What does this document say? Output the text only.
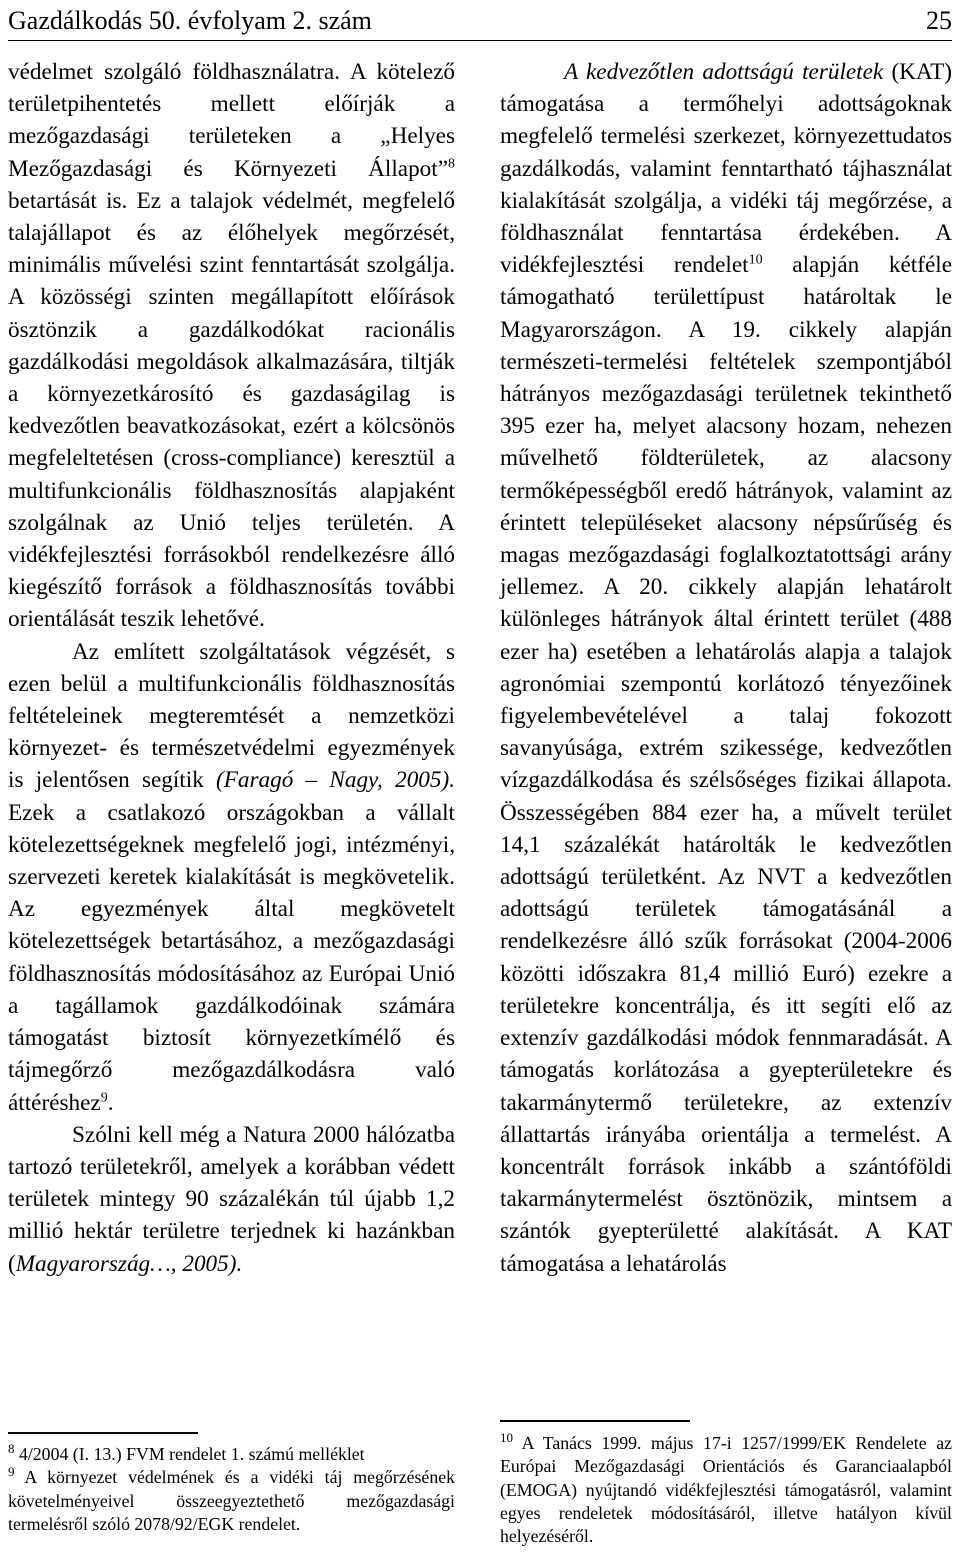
Gazdálkodás 50. évfolyam 2. szám	25

védelmet szolgáló földhasználatra. A kötelező területpihentetés mellett előírják a mezőgazdasági területeken a „Helyes Mezőgazdasági és Környezeti Állapot”$^8$ betartását is. Ez a talajok védelmét, megfelelő talajállapot és az élőhelyek megőrzését, minimális művelési szint fenntartását szolgálja. A közösségi szinten megállapított előírások ösztönzik a gazdálkodókat racionális gazdálkodási megoldások alkalmazására, tiltják a környezetkárosító és gazdaságilag is kedvezőtlen beavatkozásokat, ezért a kölcsönös megfeleltetésen (cross-compliance) keresztül a multifunkcionális földhasznosítás alapjaként szolgálnak az Unió teljes területén. A vidékfejlesztési forrásokból rendelkezésre álló kiegészítő források a földhasznosítás további orientálását teszik lehetővé.

Az említett szolgáltatások végzését, s ezen belül a multifunkcionális földhasznosítás feltételeinek megteremtését a nemzetközi környezet- és természetvédelmi egyezmények is jelentősen segítik (Faragó – Nagy, 2005). Ezek a csatlakozó országokban a vállalt kötelezettségeknek megfelelő jogi, intézményi, szervezeti keretek kialakítását is megkövetelik. Az egyezmények által megkövetelt kötelezettségek betartásához, a mezőgazdasági földhasznosítás módosításához az Európai Unió a tagállamok gazdálkodóinak számára támogatást biztosít környezetkímélő és tájmegőrző mezőgazdálkodásra való áttéréshez$^9$.

Szólni kell még a Natura 2000 hálózatba tartozó területekről, amelyek a korábban védett területek mintegy 90 százalékán túl újabb 1,2 millió hektár területre terjednek ki hazánkban (Magyarország…, 2005).

A kedvezőtlen adottságú területek (KAT) támogatása a termőhelyi adottságoknak megfelelő termelési szerkezet, környezettudatos gazdálkodás, valamint fenntartható tájhasználat kialakítását szolgálja, a vidéki táj megőrzése, a földhasználat fenntartása érdekében. A vidékfejlesztési rendelet$^{10}$ alapján kétféle támogatható területtípust határoltak le Magyarországon. A 19. cikkely alapján természeti-termelési feltételek szempontjából hátrányos mezőgazdasági területnek tekinthető 395 ezer ha, melyet alacsony hozam, nehezen művelhető földterületek, az alacsony termőképességből eredő hátrányok, valamint az érintett településeket alacsony népsűrűség és magas mezőgazdasági foglalkoztatottsági arány jellemez. A 20. cikkely alapján lehatárolt különleges hátrányok által érintett terület (488 ezer ha) esetében a lehatárolás alapja a talajok agronómiai szempontú korlátozó tényezőinek figyelembevételével a talaj fokozott savanyúsága, extrém szikessége, kedvezőtlen vízgazdálkodása és szélsőséges fizikai állapota. Összességében 884 ezer ha, a művelt terület 14,1 százalékát határolták le kedvezőtlen adottságú területként. Az NVT a kedvezőtlen adottságú területek támogatásánál a rendelkezésre álló szűk forrásokat (2004-2006 közötti időszakra 81,4 millió Euró) ezekre a területekre koncentrálja, és itt segíti elő az extenzív gazdálkodási módok fennmaradását. A támogatás korlátozása a gyepterületekre és takarmánytermő területekre, az extenzív állattartás irányába orientálja a termelést. A koncentrált források inkább a szántóföldi takarmánytermelést ösztönözik, mintsem a szántók gyepterületté alakítását. A KAT támogatása a lehatárolás

$^8$ 4/2004 (I. 13.) FVM rendelet 1. számú melléklet
$^9$ A környezet védelmének és a vidéki táj megőrzésének követelményeivel összeegyeztethető mezőgazdasági termelésről szóló 2078/92/EGK rendelet.
$^{10}$ A Tanács 1999. május 17-i 1257/1999/EK Rendelete az Európai Mezőgazdasági Orientációs és Garanciaalapból (EMOGA) nyújtandó vidékfejlesztési támogatásról, valamint egyes rendeletek módosításáról, illetve hatályon kívül helyezéséről.
